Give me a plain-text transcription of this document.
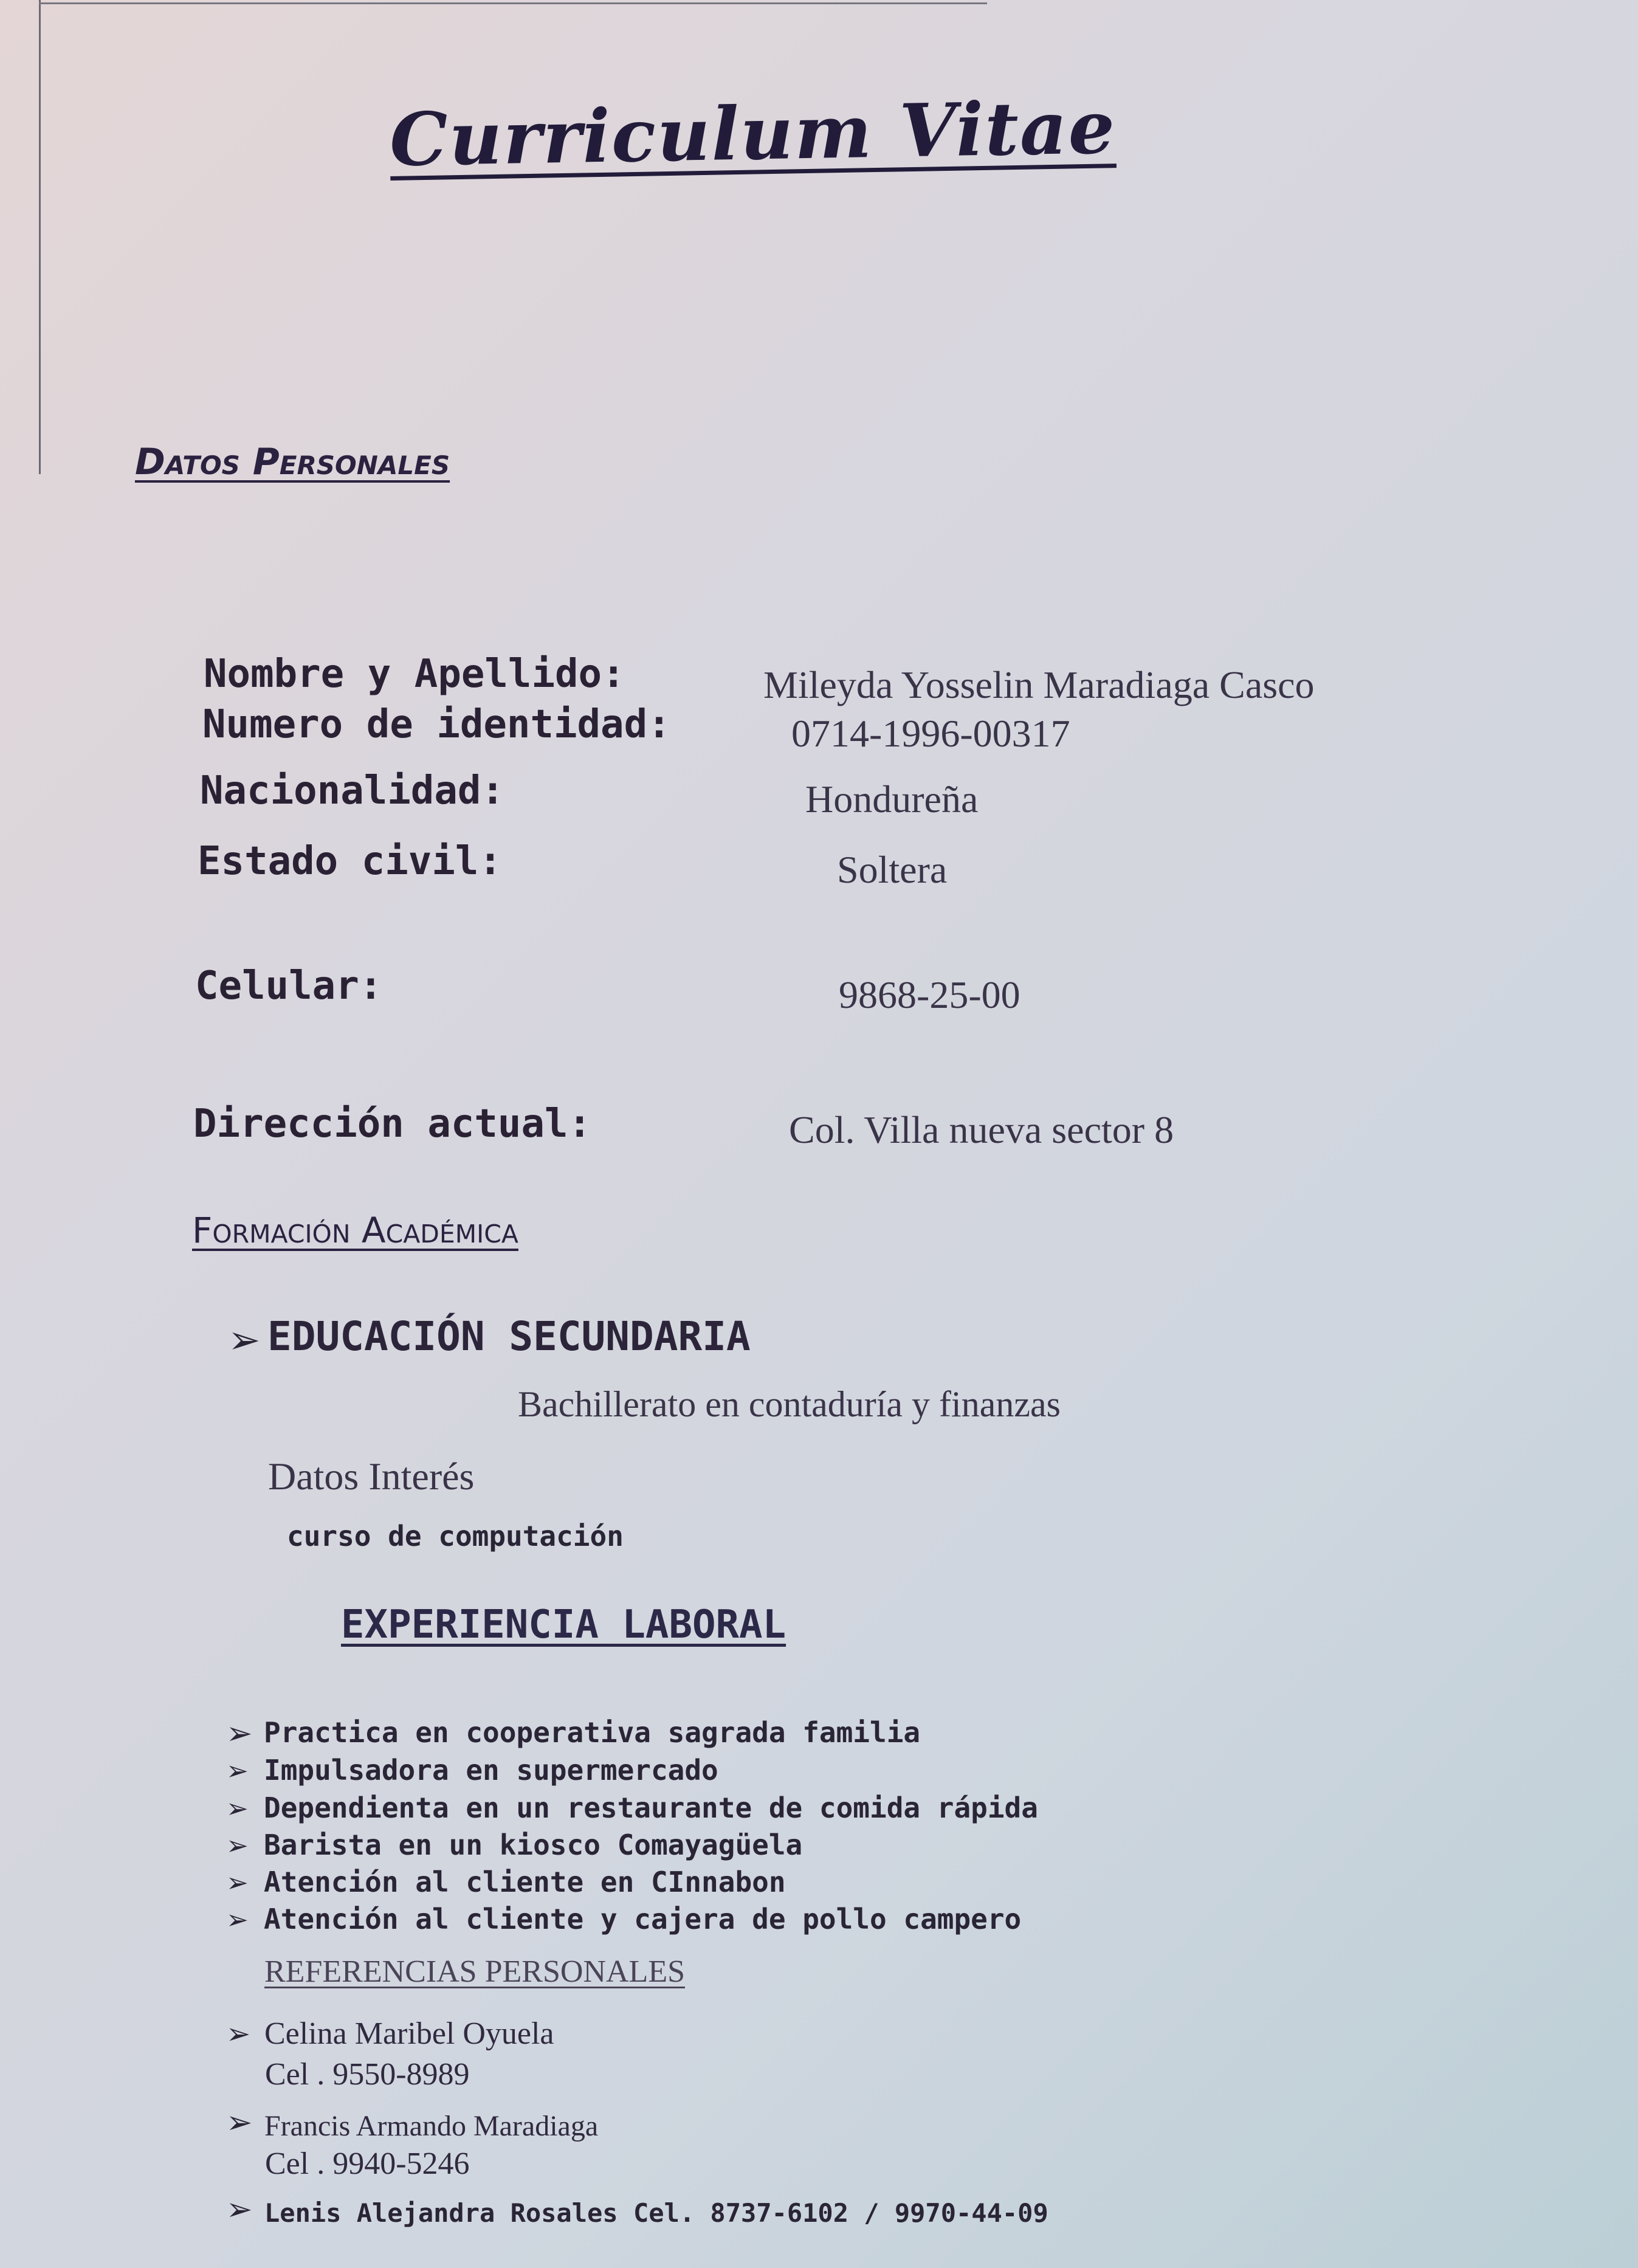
Curriculum Vitae
Datos Personales
Nombre y Apellido:	Mileyda Yosselin Maradiaga Casco
Numero de identidad:	0714-1996-00317
Nacionalidad:	Hondureña
Estado civil:	Soltera
Celular:	9868-25-00
Dirección actual:	Col. Villa nueva sector 8
Formación Académica
➢ EDUCACIÓN SECUNDARIA
Bachillerato en contaduría y finanzas
Datos Interés
curso de computación
EXPERIENCIA LABORAL
➢ Practica en cooperativa sagrada familia
➢ Impulsadora en supermercado
➢ Dependienta en un restaurante de comida rápida
➢ Barista en un kiosco Comayagüela
➢ Atención al cliente en CInnabon
➢ Atención al cliente y cajera de pollo campero
REFERENCIAS PERSONALES
➢ Celina Maribel Oyuela
Cel . 9550-8989
➢ Francis Armando Maradiaga
Cel . 9940-5246
➢ Lenis Alejandra Rosales Cel. 8737-6102 / 9970-44-09
